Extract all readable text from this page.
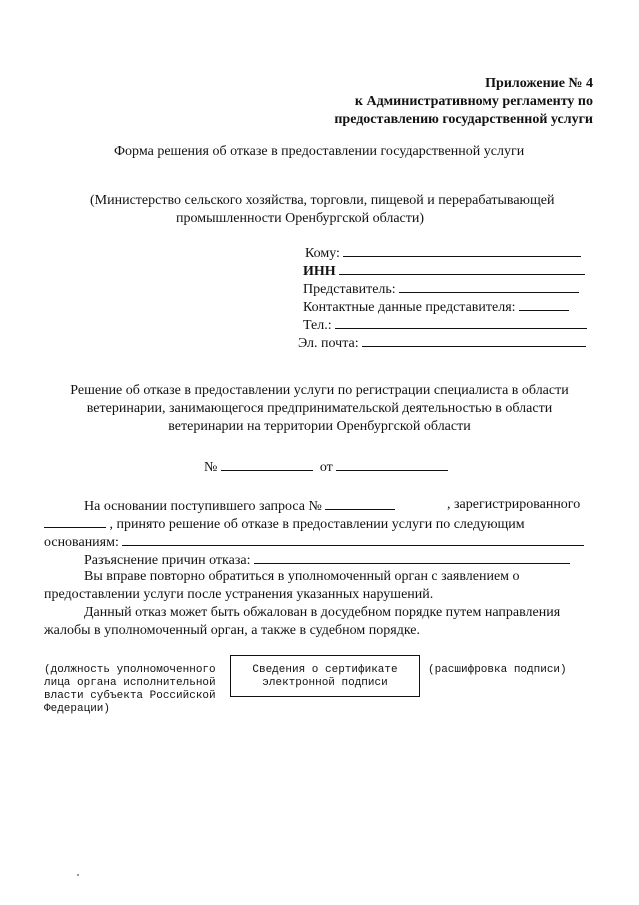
Приложение № 4
к Административному регламенту по
предоставлению государственной услуги
Форма решения об отказе в предоставлении государственной услуги
(Министерство сельского хозяйства, торговли, пищевой и перерабатывающей
промышленности Оренбургской области)
Кому:
ИНН
Представитель:
Контактные данные представителя:
Тел.:
Эл. почта:
Решение об отказе в предоставлении услуги по регистрации специалиста в области
ветеринарии, занимающегося предпринимательской деятельностью в области
ветеринарии на территории Оренбургской области
№	от
На основании поступившего запроса №	, зарегистрированного
, принято решение об отказе в предоставлении услуги по следующим
основаниям:
Разъяснение причин отказа:
Вы вправе повторно обратиться в уполномоченный орган с заявлением о
предоставлении услуги после устранения указанных нарушений.
Данный отказ может быть обжалован в досудебном порядке путем направления
жалобы в уполномоченный орган, а также в судебном порядке.
(должность уполномоченного
лица органа исполнительной
власти субъекта Российской
Федерации)
Сведения о сертификате
электронной подписи
(расшифровка подписи)
